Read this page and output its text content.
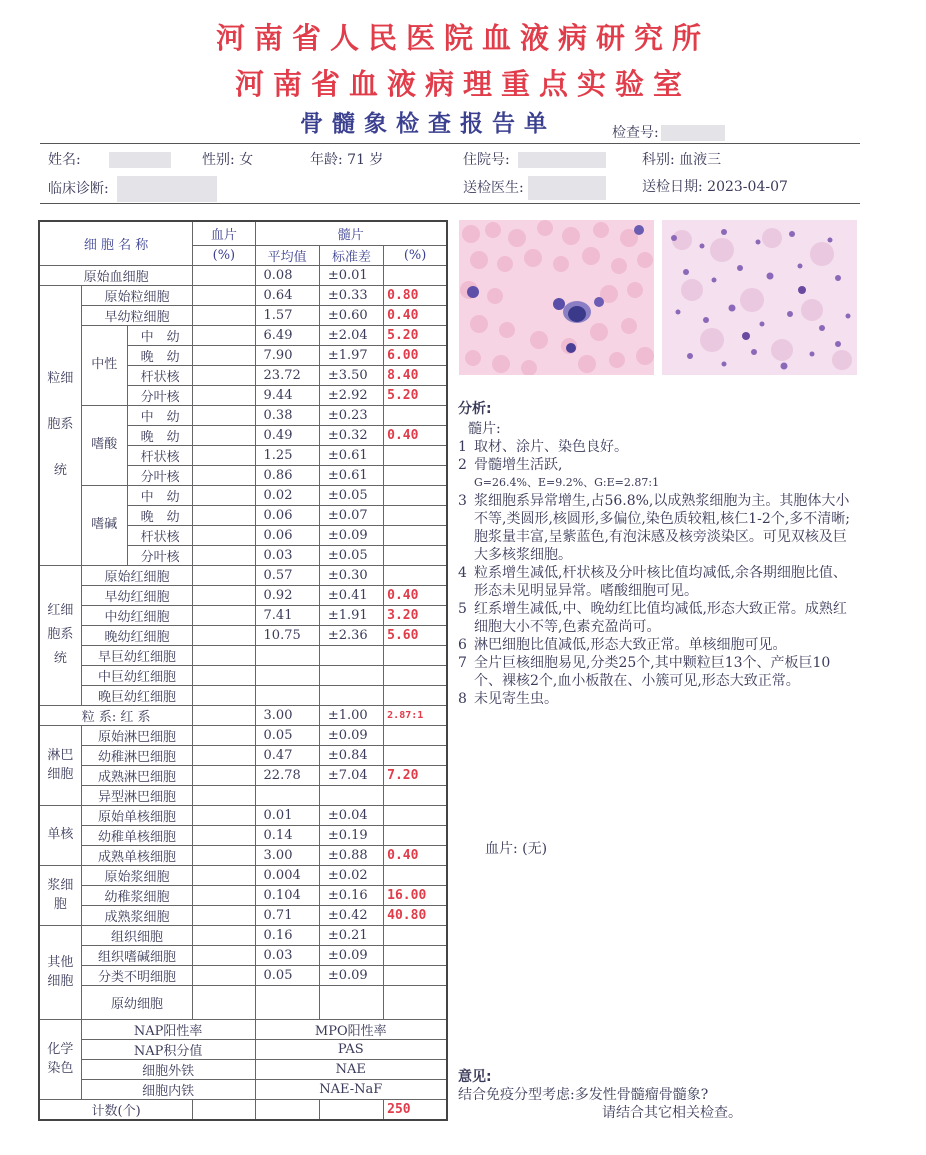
河南省人民医院血液病研究所
河南省血液病理重点实验室
骨髓象检查报告单	检查号:
姓名:	性别: 女	年龄: 71 岁	住院号:	科别: 血液三
临床诊断:	送检医生:	送检日期: 2023-04-07
细 胞 名 称			血片	髓片		
			(%)	平均值	标准差	(%)
原始血细胞				0.08	±0.01	
粒细胞系统	原始粒细胞			0.64	±0.33	0.80
	早幼粒细胞			1.57	±0.60	0.40
	中性	中　幼		6.49	±2.04	5.20
		晚　幼		7.90	±1.97	6.00
		杆状核		23.72	±3.50	8.40
		分叶核		9.44	±2.92	5.20
	嗜酸	中　幼		0.38	±0.23	
		晚　幼		0.49	±0.32	0.40
		杆状核		1.25	±0.61	
		分叶核		0.86	±0.61	
	嗜碱	中　幼		0.02	±0.05	
		晚　幼		0.06	±0.07	
		杆状核		0.06	±0.09	
		分叶核		0.03	±0.05	
红细胞系统	原始红细胞			0.57	±0.30	
	早幼红细胞			0.92	±0.41	0.40
	中幼红细胞			7.41	±1.91	3.20
	晚幼红细胞			10.75	±2.36	5.60
	早巨幼红细胞					
	中巨幼红细胞					
	晚巨幼红细胞					
粒 系: 红 系				3.00	±1.00	2.87:1
淋巴细胞	原始淋巴细胞			0.05	±0.09	
	幼稚淋巴细胞			0.47	±0.84	
	成熟淋巴细胞			22.78	±7.04	7.20
	异型淋巴细胞					
单核	原始单核细胞			0.01	±0.04	
	幼稚单核细胞			0.14	±0.19	
	成熟单核细胞			3.00	±0.88	0.40
浆细胞	原始浆细胞			0.004	±0.02	
	幼稚浆细胞			0.104	±0.16	16.00
	成熟浆细胞			0.71	±0.42	40.80
其他细胞	组织细胞			0.16	±0.21	
	组织嗜碱细胞			0.03	±0.09	
	分类不明细胞			0.05	±0.09	
	原幼细胞					
化学染色	NAP阳性率			MPO阳性率		
	NAP积分值			PAS		
	细胞外铁			NAE		
	细胞内铁			NAE-NaF		
计数(个)						250
分析:
髓片:
1 取材、涂片、染色良好。
2 骨髓增生活跃,
G=26.4%、E=9.2%、G:E=2.87:1
3 浆细胞系异常增生,占56.8%,以成熟浆细胞为主。其胞体大小不等,类圆形,核圆形,多偏位,染色质较粗,核仁1-2个,多不清晰;胞浆量丰富,呈紫蓝色,有泡沫感及核旁淡染区。可见双核及巨大多核浆细胞。
4 粒系增生减低,杆状核及分叶核比值均减低,余各期细胞比值、形态未见明显异常。嗜酸细胞可见。
5 红系增生减低,中、晚幼红比值均减低,形态大致正常。成熟红细胞大小不等,色素充盈尚可。
6 淋巴细胞比值减低,形态大致正常。单核细胞可见。
7 全片巨核细胞易见,分类25个,其中颗粒巨13个、产板巨10个、裸核2个,血小板散在、小簇可见,形态大致正常。
8 未见寄生虫。
血片: (无)
意见:
结合免疫分型考虑:多发性骨髓瘤骨髓象?
请结合其它相关检查。
